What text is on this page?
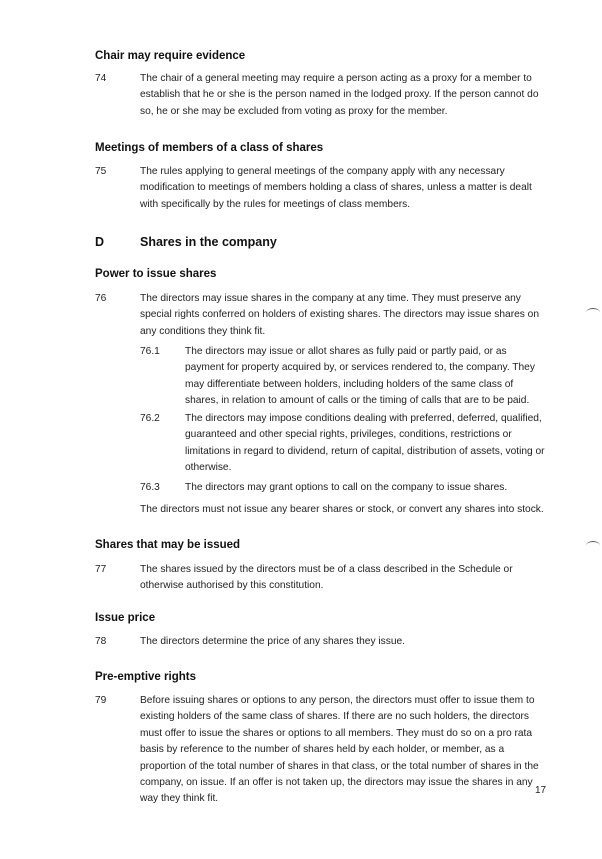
Chair may require evidence
74	The chair of a general meeting may require a person acting as a proxy for a member to
establish that he or she is the person named in the lodged proxy. If the person cannot do
so, he or she may be excluded from voting as proxy for the member.
Meetings of members of a class of shares
75	The rules applying to general meetings of the company apply with any necessary
modification to meetings of members holding a class of shares, unless a matter is dealt
with specifically by the rules for meetings of class members.
D	Shares in the company
Power to issue shares
76	The directors may issue shares in the company at any time. They must preserve any
special rights conferred on holders of existing shares. The directors may issue shares on
any conditions they think fit.
76.1 The directors may issue or allot shares as fully paid or partly paid, or as
payment for property acquired by, or services rendered to, the company. They
may differentiate between holders, including holders of the same class of
shares, in relation to amount of calls or the timing of calls that are to be paid.
76.2 The directors may impose conditions dealing with preferred, deferred, qualified,
guaranteed and other special rights, privileges, conditions, restrictions or
limitations in regard to dividend, return of capital, distribution of assets, voting or
otherwise.
76.3 The directors may grant options to call on the company to issue shares.
The directors must not issue any bearer shares or stock, or convert any shares into stock.
Shares that may be issued
77	The shares issued by the directors must be of a class described in the Schedule or
otherwise authorised by this constitution.
Issue price
78	The directors determine the price of any shares they issue.
Pre-emptive rights
79	Before issuing shares or options to any person, the directors must offer to issue them to
existing holders of the same class of shares. If there are no such holders, the directors
must offer to issue the shares or options to all members. They must do so on a pro rata
basis by reference to the number of shares held by each holder, or member, as a
proportion of the total number of shares in that class, or the total number of shares in the
company, on issue. If an offer is not taken up, the directors may issue the shares in any
way they think fit.
17
